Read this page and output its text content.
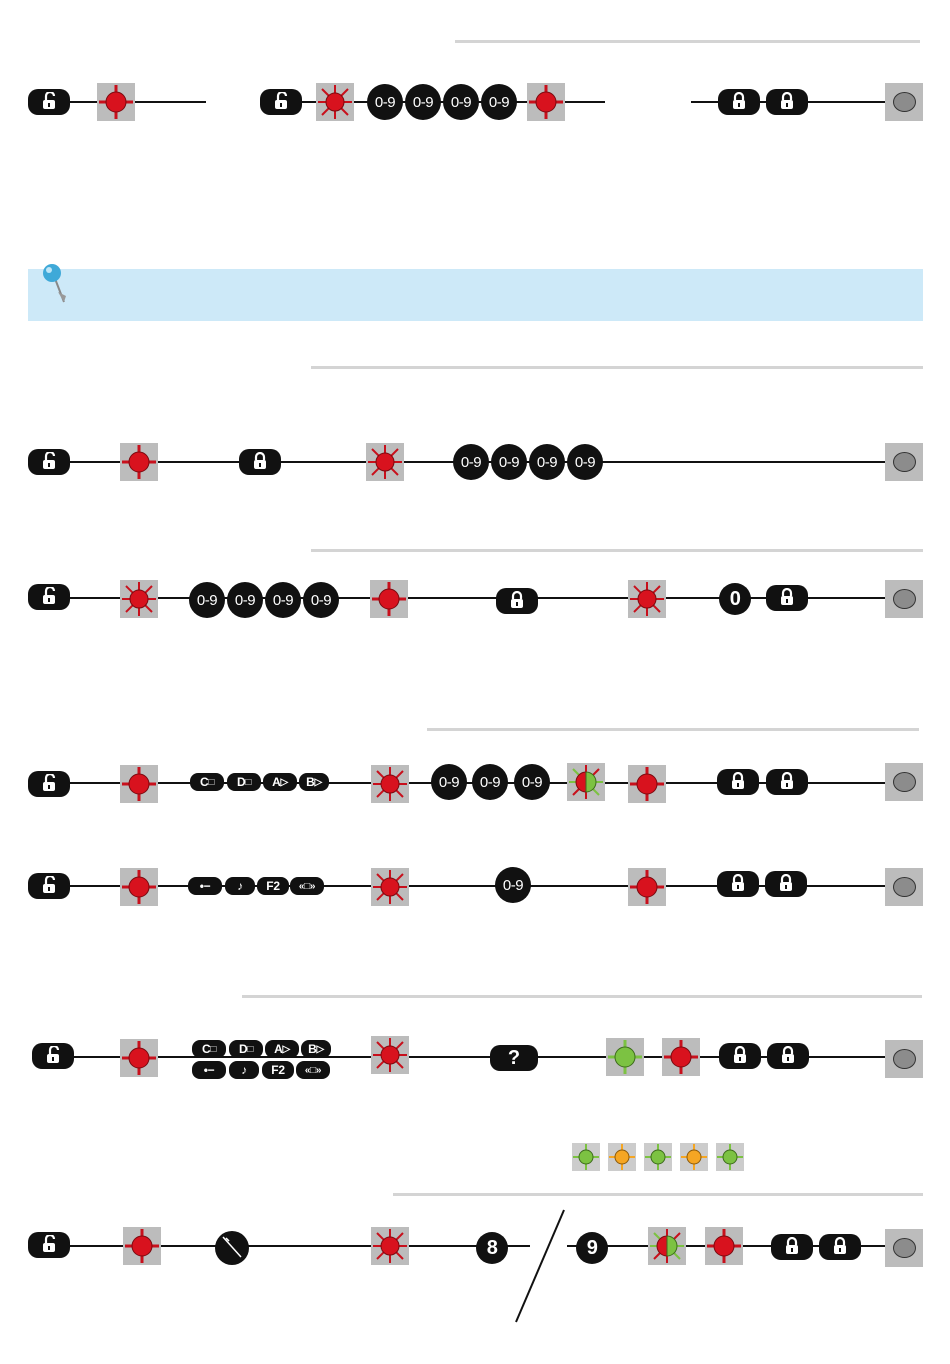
0-9	0-9	0-9	0-9
0-9	0-9	0-9	0-9
0-9	0-9	0-9	0-9	0
C □ D □ A ▷ B ▷	0-9	0-9	0-9
•− ♪	F2	«□»	0-9
C □ D □ A ▷ B ▷
•− ♪	F2	«□»
?
8	9
